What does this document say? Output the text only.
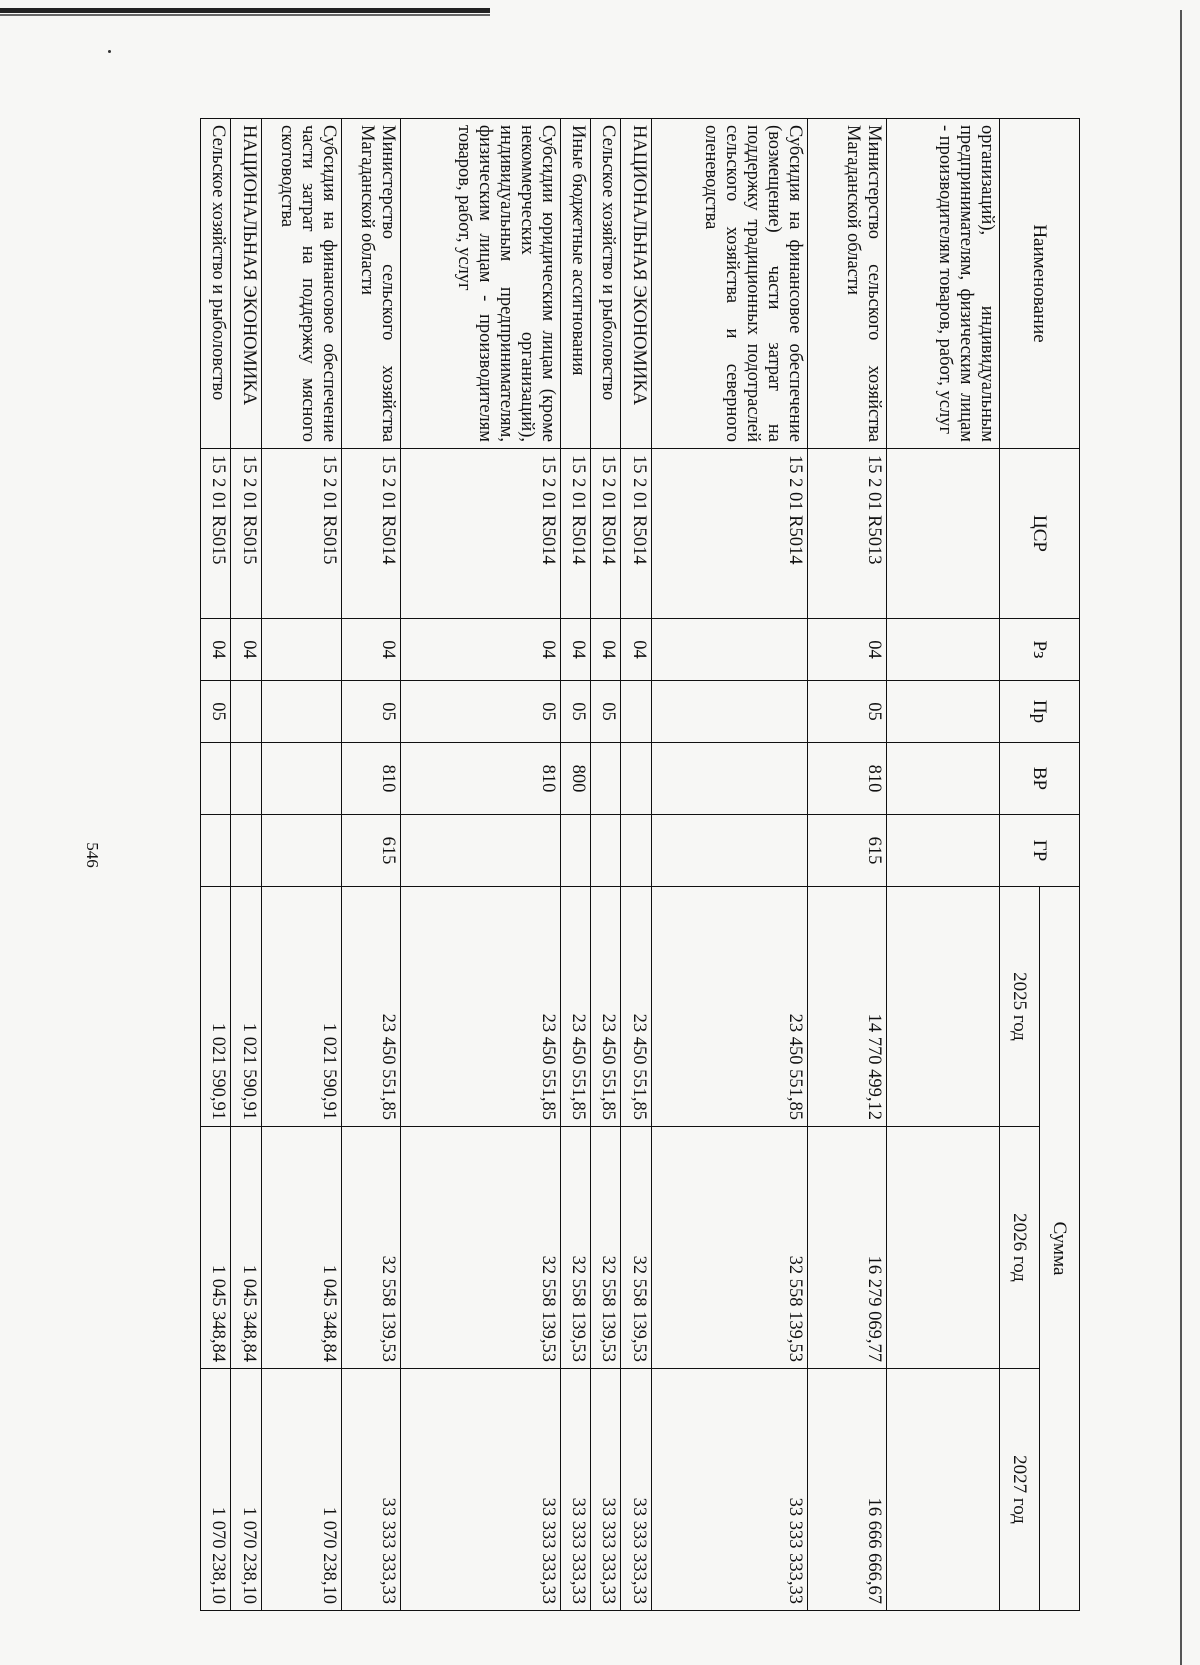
546
Наименование	ЦСР	Рз	Пр	ВР	ГР	Сумма		
						2025 год	2026 год	2027 год
организаций), индивидуальным предпринимателям, физическим лицам - производителям товаров, работ, услуг								
Министерство сельского хозяйства Магаданской области	15 2 01 R5013	04	05	810	615	14 770 499,12	16 279 069,77	16 666 666,67
Субсидия на финансовое обеспечение (возмещение) части затрат на поддержку традиционных подотраслей сельского хозяйства и северного оленеводства	15 2 01 R5014					23 450 551,85	32 558 139,53	33 333 333,33
НАЦИОНАЛЬНАЯ ЭКОНОМИКА	15 2 01 R5014	04				23 450 551,85	32 558 139,53	33 333 333,33
Сельское хозяйство и рыболовство	15 2 01 R5014	04	05			23 450 551,85	32 558 139,53	33 333 333,33
Иные бюджетные ассигнования	15 2 01 R5014	04	05	800		23 450 551,85	32 558 139,53	33 333 333,33
Субсидии юридическим лицам (кроме некоммерческих организаций), индивидуальным предпринимателям, физическим лицам - производителям товаров, работ, услуг	15 2 01 R5014	04	05	810		23 450 551,85	32 558 139,53	33 333 333,33
Министерство сельского хозяйства Магаданской области	15 2 01 R5014	04	05	810	615	23 450 551,85	32 558 139,53	33 333 333,33
Субсидия на финансовое обеспечение части затрат на поддержку мясного скотоводства	15 2 01 R5015					1 021 590,91	1 045 348,84	1 070 238,10
НАЦИОНАЛЬНАЯ ЭКОНОМИКА	15 2 01 R5015	04				1 021 590,91	1 045 348,84	1 070 238,10
Сельское хозяйство и рыболовство	15 2 01 R5015	04	05			1 021 590,91	1 045 348,84	1 070 238,10
